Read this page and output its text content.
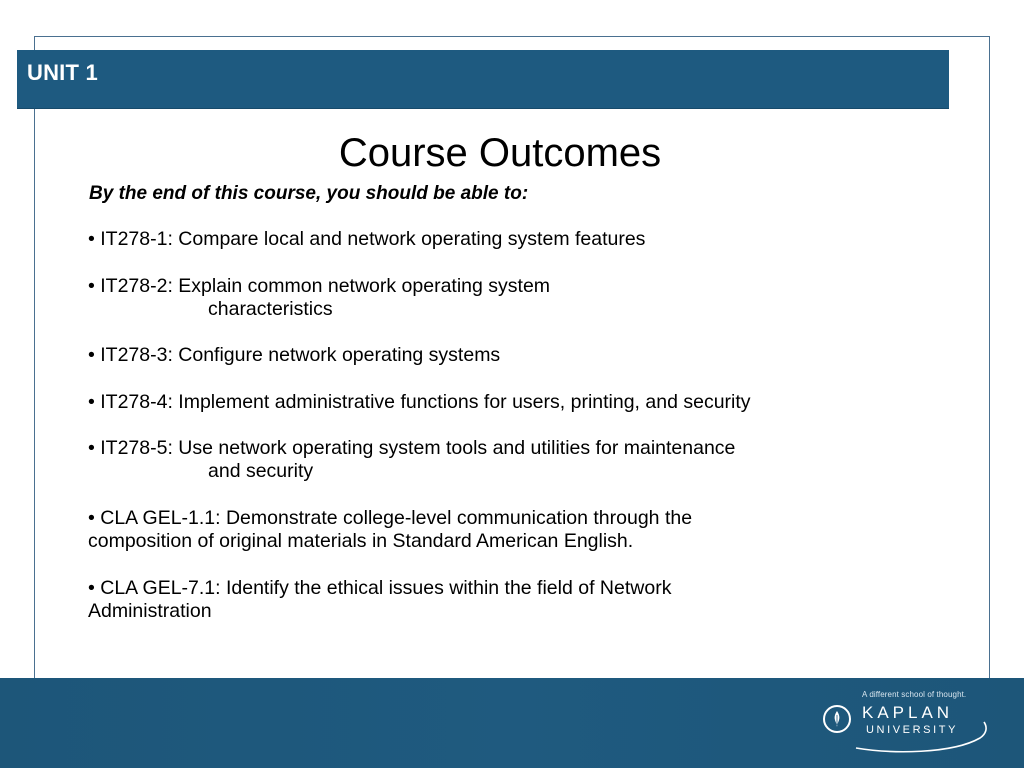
UNIT 1
Course Outcomes
By the end of this course, you should be able to:
• IT278-1: Compare local and network operating system features
• IT278-2: Explain common network operating system
characteristics
• IT278-3: Configure network operating systems
• IT278-4: Implement administrative functions for users, printing, and security
• IT278-5: Use network operating system tools and utilities for maintenance
and security
• CLA GEL-1.1: Demonstrate college-level communication through the
composition of original materials in Standard American English.
• CLA GEL-7.1: Identify the ethical issues within the field of Network
Administration
A different school of thought.
KAPLAN
UNIVERSITY
